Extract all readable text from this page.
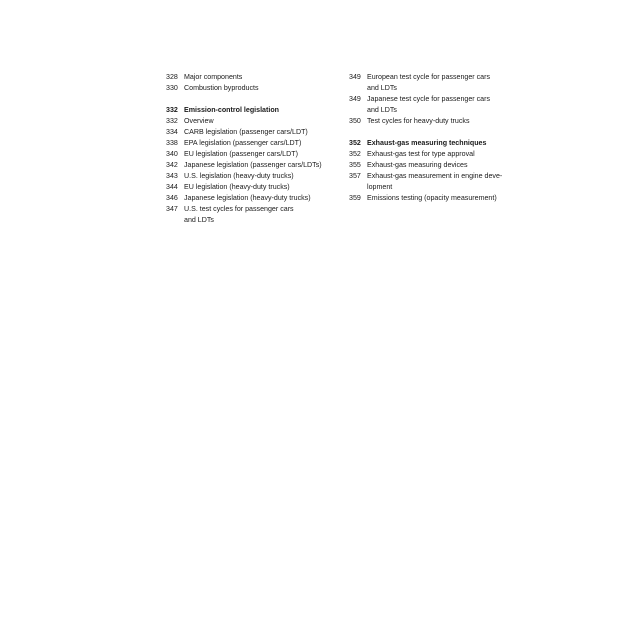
328 Major components
330 Combustion byproducts
332 Emission-control legislation
332 Overview
334 CARB legislation (passenger cars/LDT)
338 EPA legislation (passenger cars/LDT)
340 EU legislation (passenger cars/LDT)
342 Japanese legislation (passenger cars/LDTs)
343 U.S. legislation (heavy-duty trucks)
344 EU legislation (heavy-duty trucks)
346 Japanese legislation (heavy-duty trucks)
347 U.S. test cycles for passenger cars
and LDTs
349 European test cycle for passenger cars
and LDTs
349 Japanese test cycle for passenger cars
and LDTs
350 Test cycles for heavy-duty trucks
352 Exhaust-gas measuring techniques
352 Exhaust-gas test for type approval
355 Exhaust-gas measuring devices
357 Exhaust-gas measurement in engine deve-
lopment
359 Emissions testing (opacity measurement)
